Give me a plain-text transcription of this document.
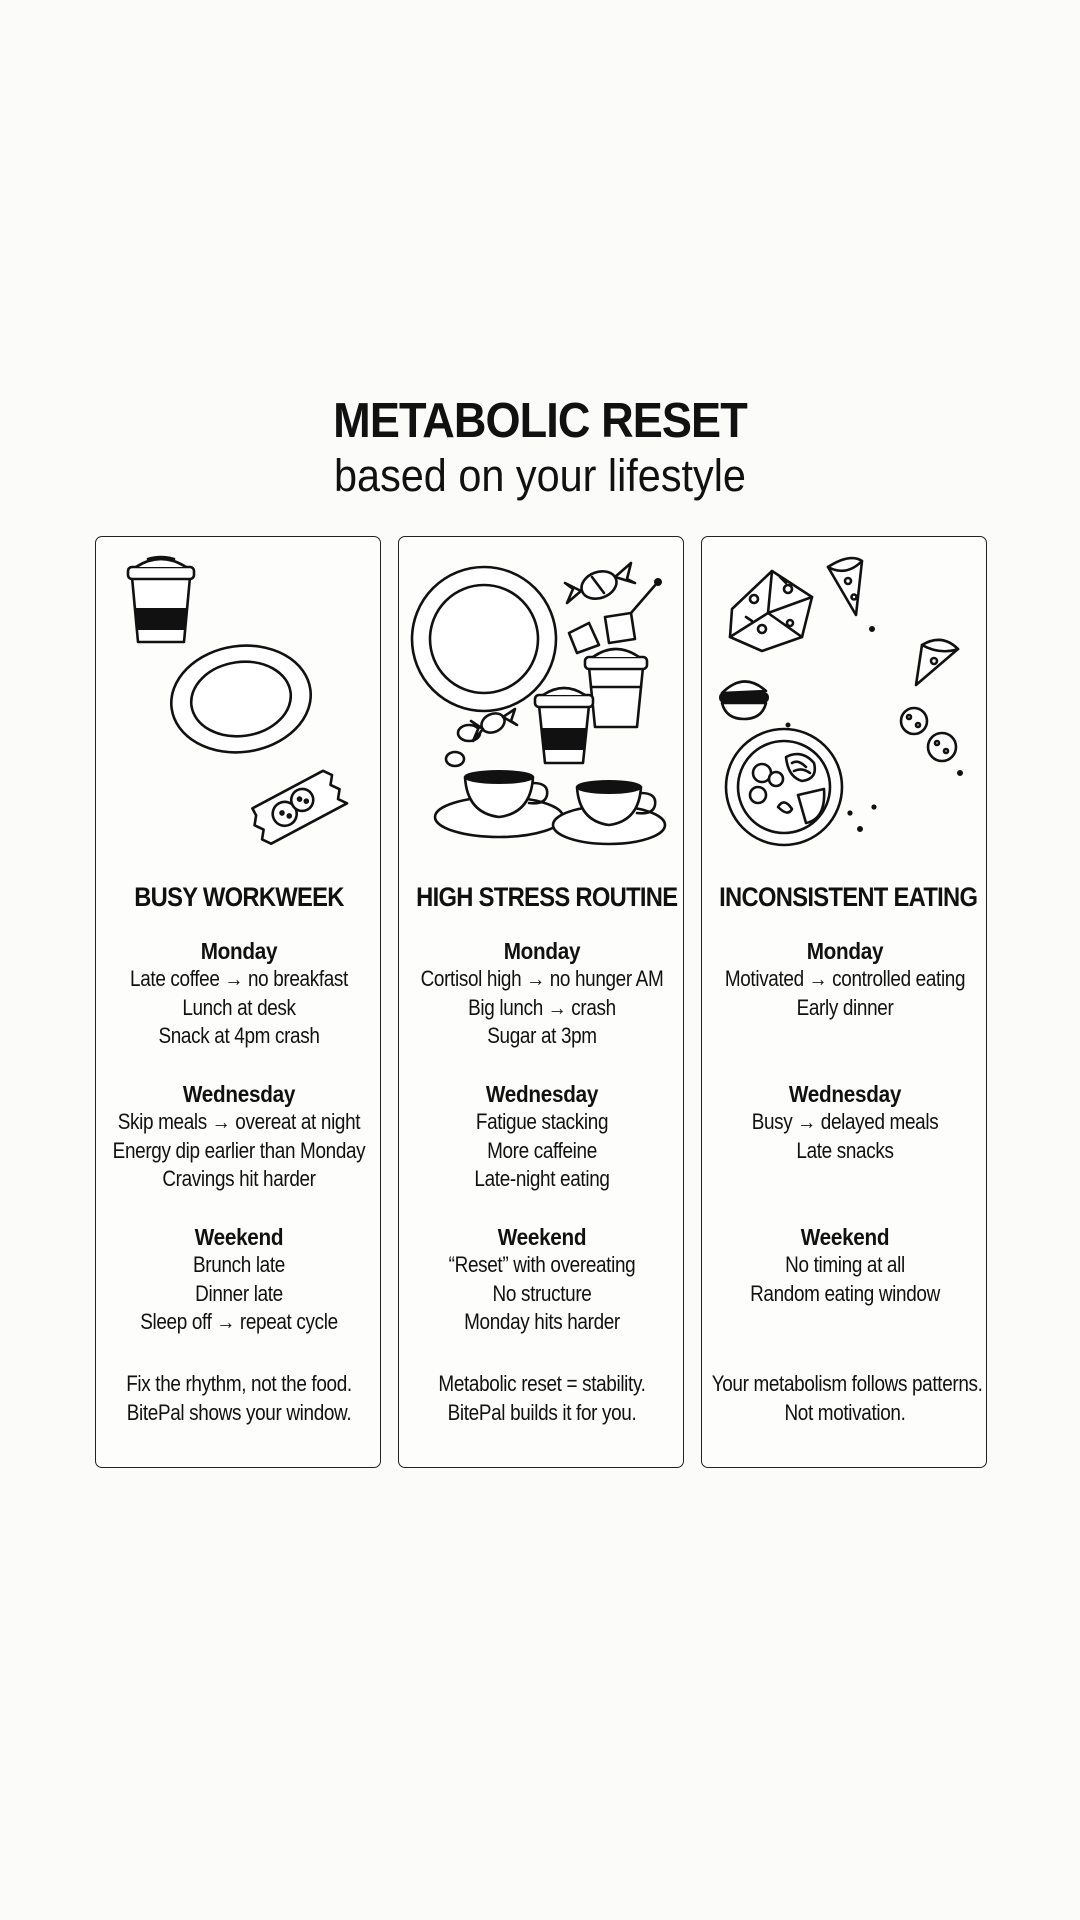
METABOLIC RESET
based on your lifestyle
BUSY WORKWEEK
Monday
Late coffee → no breakfast
Lunch at desk
Snack at 4pm crash
Wednesday
Skip meals → overeat at night
Energy dip earlier than Monday
Cravings hit harder
Weekend
Brunch late
Dinner late
Sleep off → repeat cycle
Fix the rhythm, not the food.
BitePal shows your window.
HIGH STRESS ROUTINE
Monday
Cortisol high → no hunger AM
Big lunch → crash
Sugar at 3pm
Wednesday
Fatigue stacking
More caffeine
Late-night eating
Weekend
“Reset” with overeating
No structure
Monday hits harder
Metabolic reset = stability.
BitePal builds it for you.
INCONSISTENT EATING
Monday
Motivated → controlled eating
Early dinner
Wednesday
Busy → delayed meals
Late snacks
Weekend
No timing at all
Random eating window
Your metabolism follows patterns.
Not motivation.
